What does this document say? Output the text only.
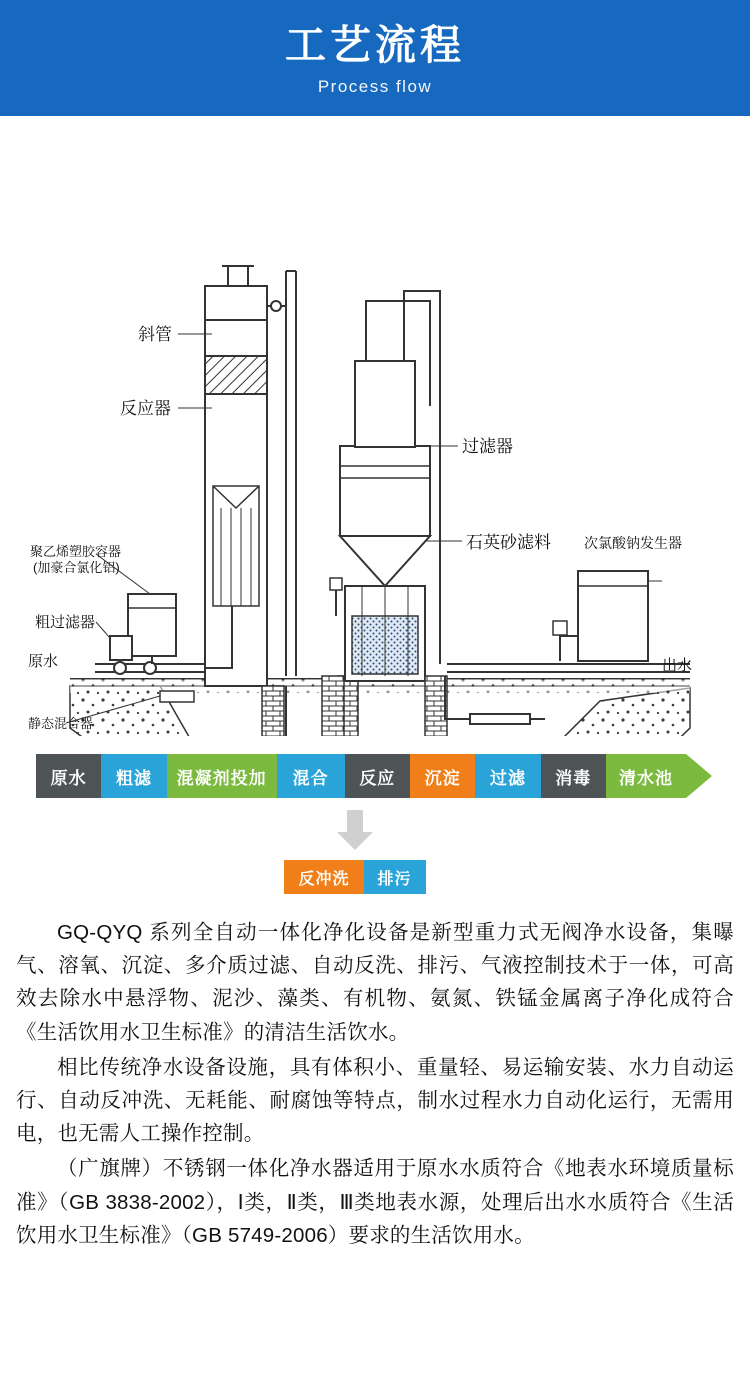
工艺流程
Process flow
斜管
反应器
过滤器
石英砂滤料 次氯酸钠发生器
聚乙烯塑胶容器
(加豪合氯化铝)
粗过滤器
原水
静态混合器
出水
原水 粗滤 混凝剂投加 混合 反应 沉淀 过滤 消毒 清水池
反冲洗 排污

GQ-QYQ 系列全自动一体化净化设备是新型重力式无阀净水设备，集曝气、溶氧、沉淀、多介质过滤、自动反洗、排污、气液控制技术于一体，可高效去除水中悬浮物、泥沙、藻类、有机物、氨氮、铁锰金属离子净化成符合《生活饮用水卫生标准》的清洁生活饮水。

相比传统净水设备设施，具有体积小、重量轻、易运输安装、水力自动运行、自动反冲洗、无耗能、耐腐蚀等特点，制水过程水力自动化运行，无需用电，也无需人工操作控制。

（广旗牌）不锈钢一体化净水器适用于原水水质符合《地表水环境质量标准》（GB 3838-2002），Ⅰ类，Ⅱ类，Ⅲ类地表水源，处理后出水水质符合《生活饮用水卫生标准》（GB 5749-2006）要求的生活饮用水。
